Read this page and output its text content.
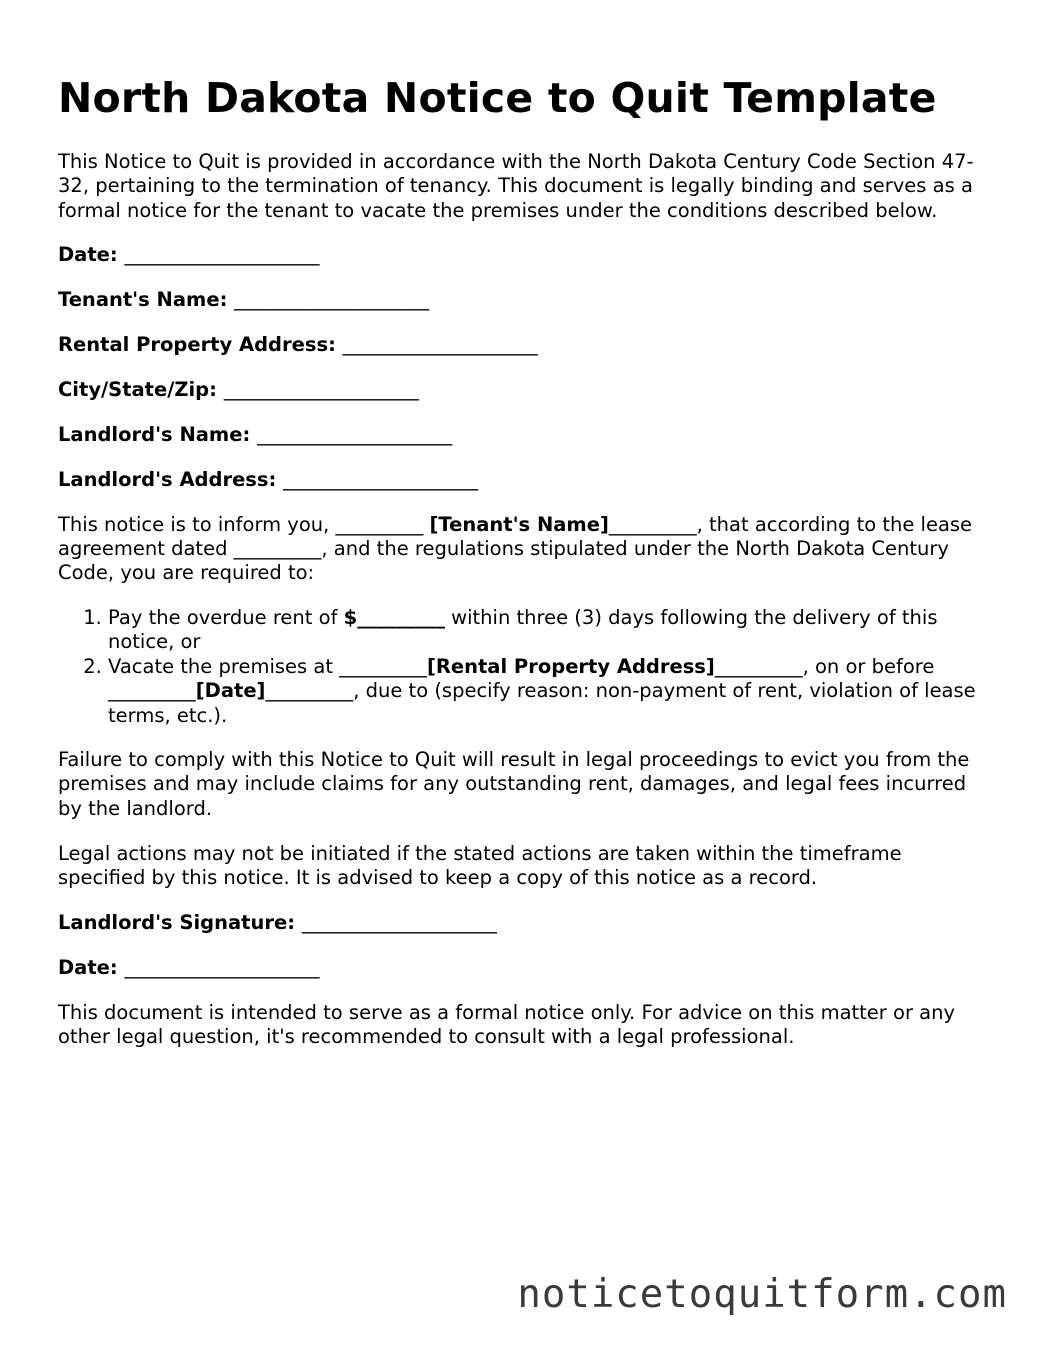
North Dakota Notice to Quit Template

This Notice to Quit is provided in accordance with the North Dakota Century Code Section 47-32, pertaining to the termination of tenancy. This document is legally binding and serves as a formal notice for the tenant to vacate the premises under the conditions described below.

Date: ____________________

Tenant's Name: ____________________

Rental Property Address: ____________________

City/State/Zip: ____________________

Landlord's Name: ____________________

Landlord's Address: ____________________

This notice is to inform you, _________ [Tenant's Name]_________, that according to the lease agreement dated _________, and the regulations stipulated under the North Dakota Century Code, you are required to:

1. Pay the overdue rent of $_________ within three (3) days following the delivery of this notice, or
2. Vacate the premises at _________[Rental Property Address]_________, on or before _________[Date]_________, due to (specify reason: non-payment of rent, violation of lease terms, etc.).

Failure to comply with this Notice to Quit will result in legal proceedings to evict you from the premises and may include claims for any outstanding rent, damages, and legal fees incurred by the landlord.

Legal actions may not be initiated if the stated actions are taken within the timeframe specified by this notice. It is advised to keep a copy of this notice as a record.

Landlord's Signature: ____________________

Date: ____________________

This document is intended to serve as a formal notice only. For advice on this matter or any other legal question, it's recommended to consult with a legal professional.

noticetoquitform.com
